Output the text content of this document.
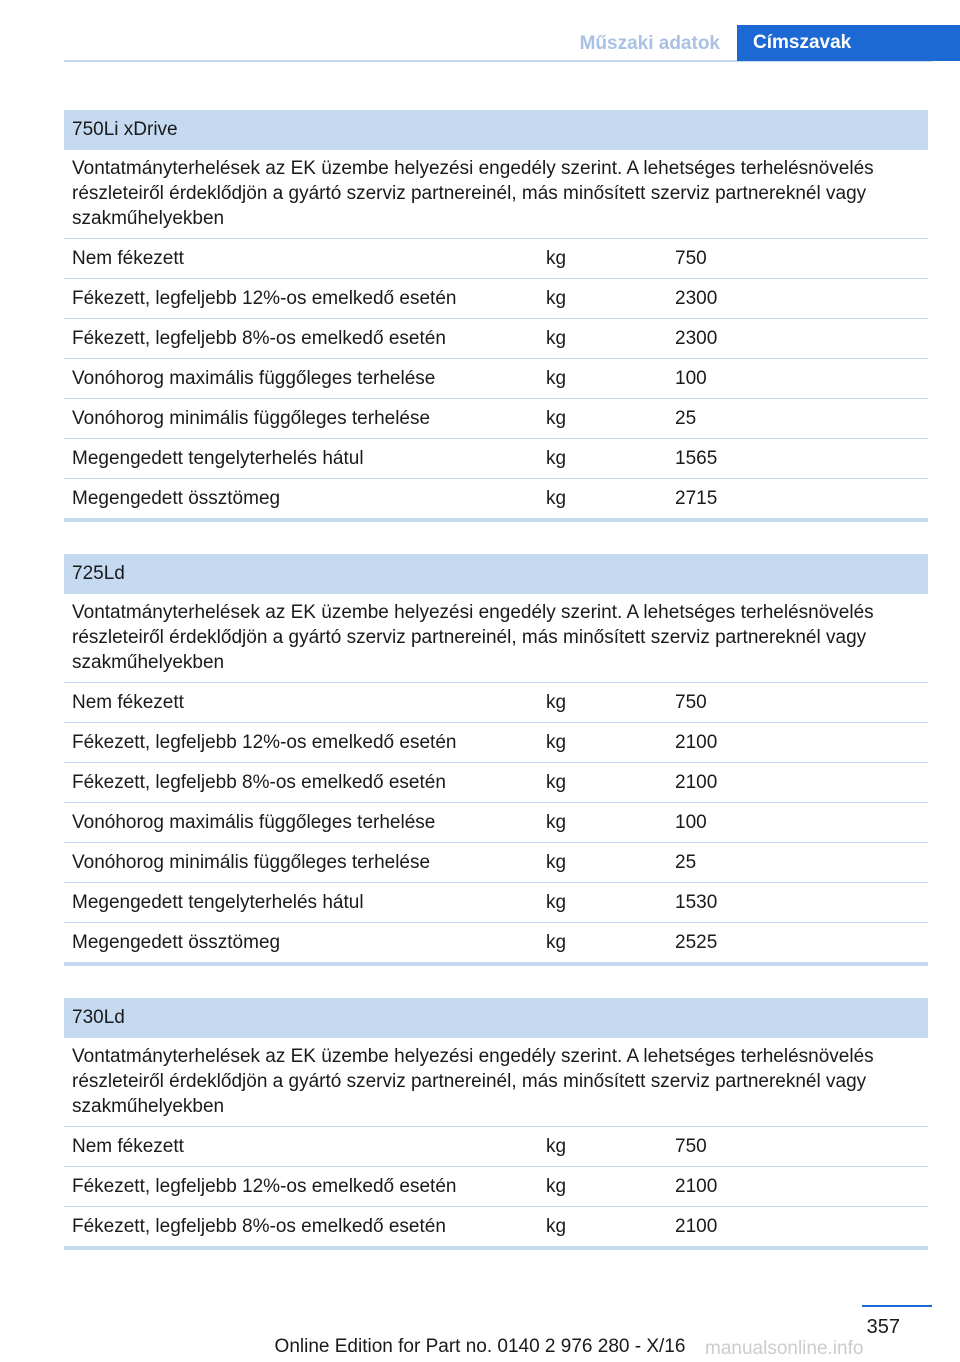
Műszaki adatok	Címszavak
750Li xDrive
Vontatmányterhelések az EK üzembe helyezési engedély szerint. A lehetséges terhelésnövelés részleteiről érdeklődjön a gyártó szerviz partnereinél, más minősített szerviz partnereknél vagy szakműhelyekben
Nem fékezett	kg	750
Fékezett, legfeljebb 12%-os emelkedő esetén	kg	2300
Fékezett, legfeljebb 8%-os emelkedő esetén	kg	2300
Vonóhorog maximális függőleges terhelése	kg	100
Vonóhorog minimális függőleges terhelése	kg	25
Megengedett tengelyterhelés hátul	kg	1565
Megengedett össztömeg	kg	2715
725Ld
Vontatmányterhelések az EK üzembe helyezési engedély szerint. A lehetséges terhelésnövelés részleteiről érdeklődjön a gyártó szerviz partnereinél, más minősített szerviz partnereknél vagy szakműhelyekben
Nem fékezett	kg	750
Fékezett, legfeljebb 12%-os emelkedő esetén	kg	2100
Fékezett, legfeljebb 8%-os emelkedő esetén	kg	2100
Vonóhorog maximális függőleges terhelése	kg	100
Vonóhorog minimális függőleges terhelése	kg	25
Megengedett tengelyterhelés hátul	kg	1530
Megengedett össztömeg	kg	2525
730Ld
Vontatmányterhelések az EK üzembe helyezési engedély szerint. A lehetséges terhelésnövelés részleteiről érdeklődjön a gyártó szerviz partnereinél, más minősített szerviz partnereknél vagy szakműhelyekben
Nem fékezett	kg	750
Fékezett, legfeljebb 12%-os emelkedő esetén	kg	2100
Fékezett, legfeljebb 8%-os emelkedő esetén	kg	2100
357
Online Edition for Part no. 0140 2 976 280 - X/16	manualsonline.info
